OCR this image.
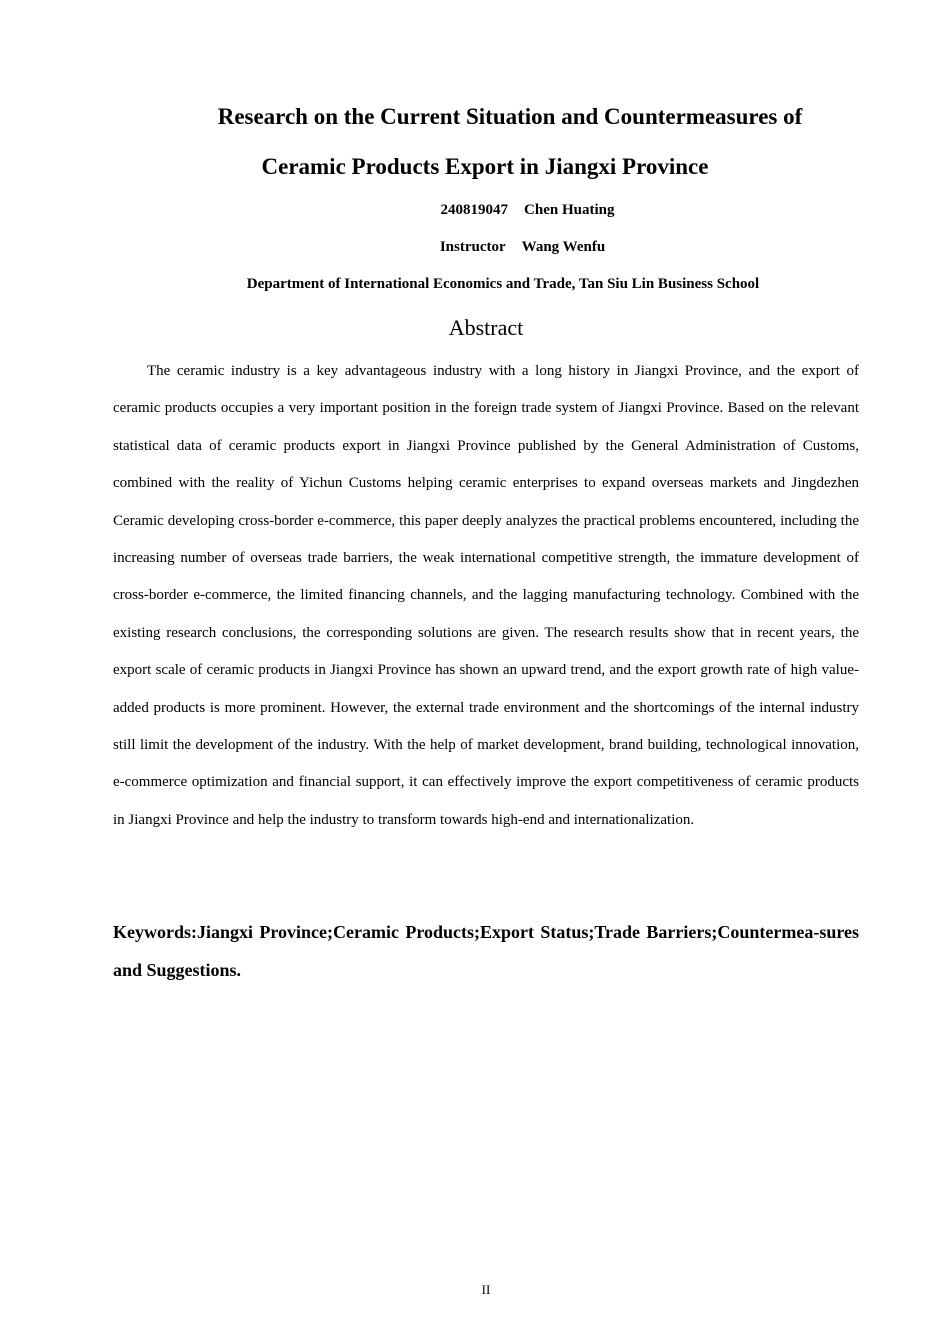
Research on the Current Situation and Countermeasures of
Ceramic Products Export in Jiangxi Province
240819047 Chen Huating
Instructor Wang Wenfu
Department of International Economics and Trade, Tan Siu Lin Business School
Abstract

The ceramic industry is a key advantageous industry with a long history in Jiangxi Province, and the export of ceramic products occupies a very important position in the foreign trade system of Jiangxi Province. Based on the relevant statistical data of ceramic products export in Jiangxi Province published by the General Administration of Customs, combined with the reality of Yichun Customs helping ceramic enterprises to expand overseas markets and Jingdezhen Ceramic developing cross-border e-commerce, this paper deeply analyzes the practical problems encountered, including the increasing number of overseas trade barriers, the weak international competitive strength, the immature development of cross-border e-commerce, the limited financing channels, and the lagging manufacturing technology. Combined with the existing research conclusions, the corresponding solutions are given. The research results show that in recent years, the export scale of ceramic products in Jiangxi Province has shown an upward trend, and the export growth rate of high value-added products is more prominent. However, the external trade environment and the shortcomings of the internal industry still limit the development of the industry. With the help of market development, brand building, technological innovation, e-commerce optimization and financial support, it can effectively improve the export competitiveness of ceramic products in Jiangxi Province and help the industry to transform towards high-end and internationalization.

Keywords:Jiangxi Province;Ceramic Products;Export Status;Trade Barriers;Countermea-sures and Suggestions.

II
